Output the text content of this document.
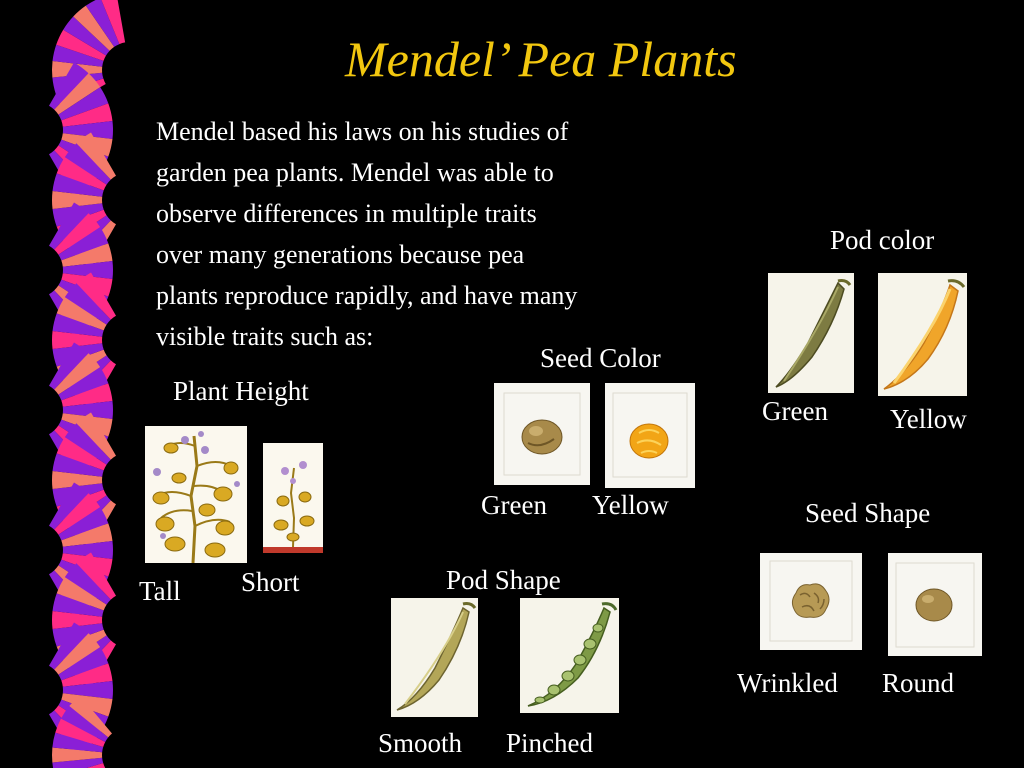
Mendel’ Pea Plants
Mendel based his laws on his studies of
garden pea plants. Mendel was able to
observe differences in multiple traits
over many generations because pea
plants reproduce rapidly, and have many
visible traits such as:
Plant Height
Tall Short
Seed Color
Green Yellow
Pod color
Green Yellow
Seed Shape
Wrinkled Round
Pod Shape
Smooth Pinched
